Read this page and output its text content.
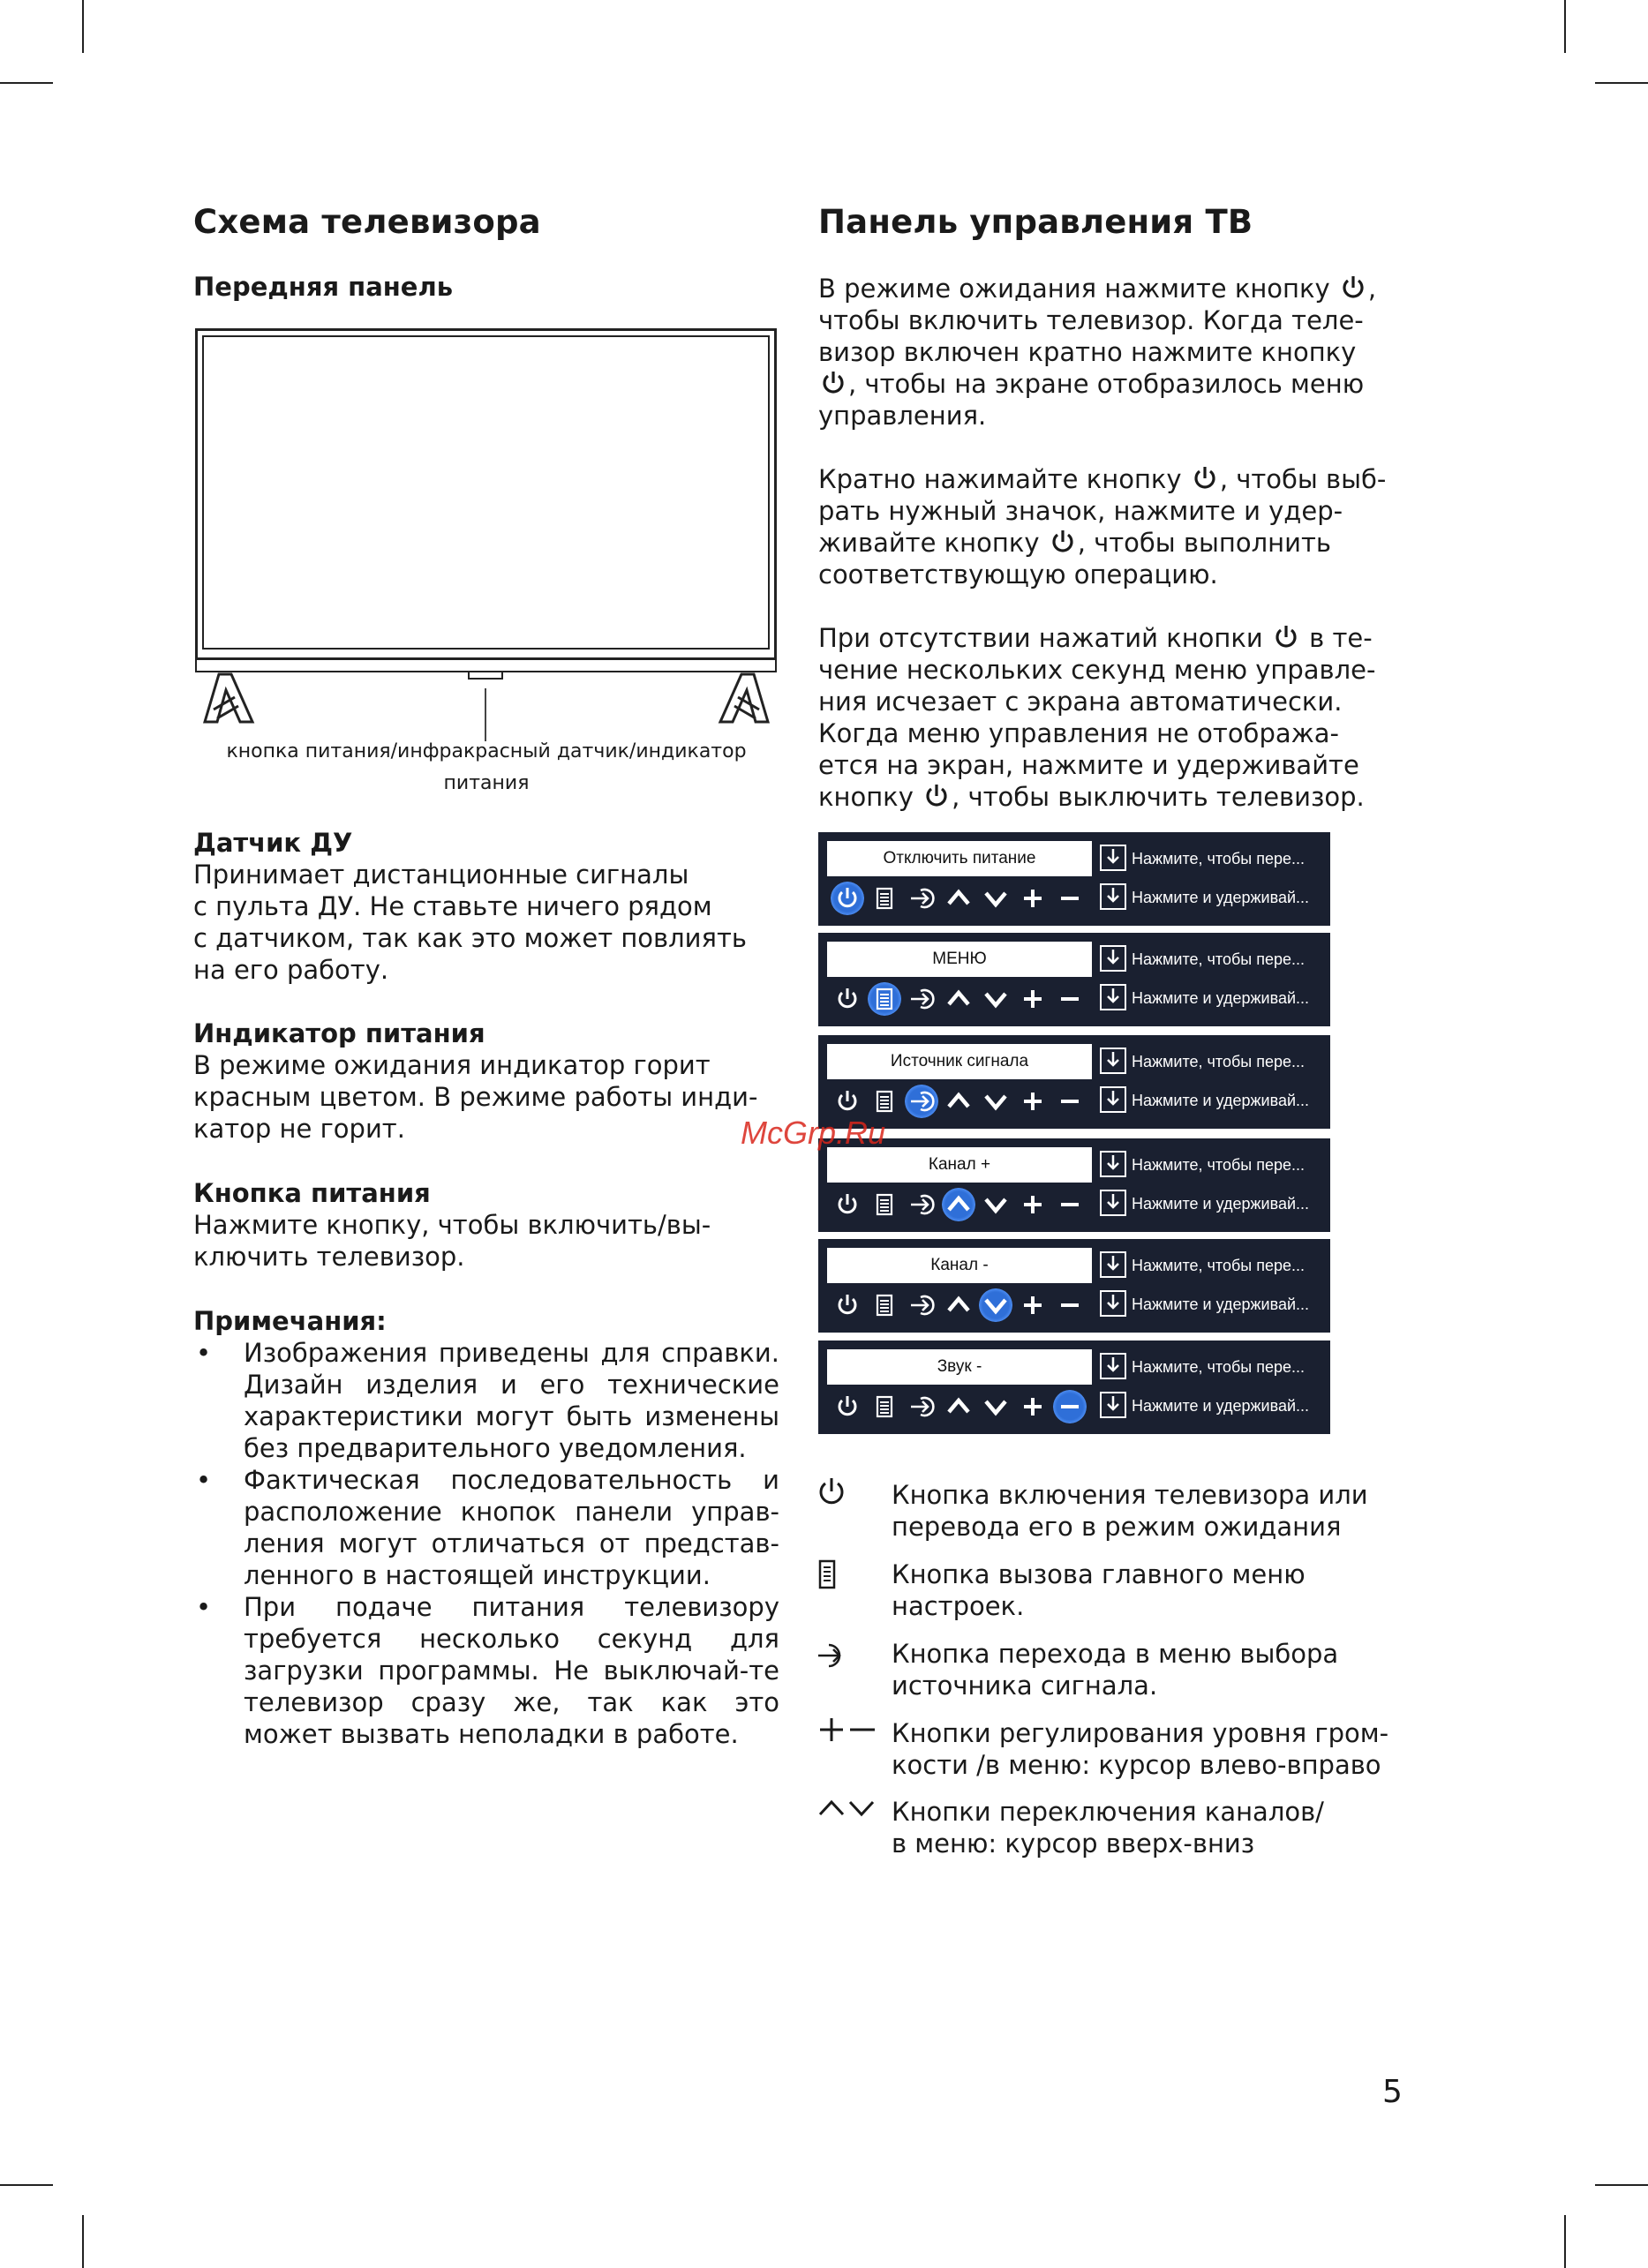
Схема телевизора
Передняя панель
кнопка питания/инфракрасный датчик/индикатор
питания
Датчик ДУ
Принимает дистанционные сигналы
с пульта ДУ. Не ставьте ничего рядом
с датчиком, так как это может повлиять
на его работу.
Индикатор питания
В режиме ожидания индикатор горит
красным цветом. В режиме работы инди-
катор не горит.
Кнопка питания
Нажмите кнопку, чтобы включить/вы-
ключить телевизор.
Примечания:
• Изображения приведены для справки. Дизайн изделия и его технические характеристики могут быть изменены без предварительного уведомления.
• Фактическая последовательность и расположение кнопок панели управ-ления могут отличаться от представ-ленного в настоящей инструкции.
• При подаче питания телевизору требуется несколько секунд для загрузки программы. Не выключай-те телевизор сразу же, так как это может вызвать неполадки в работе.
Панель управления ТВ
В режиме ожидания нажмите кнопку ,
чтобы включить телевизор. Когда теле-
визор включен кратно нажмите кнопку
, чтобы на экране отобразилось меню
управления.
Кратно нажимайте кнопку , чтобы выб-
рать нужный значок, нажмите и удер-
живайте кнопку , чтобы выполнить
соответствующую операцию.
При отсутствии нажатий кнопки  в те-
чение нескольких секунд меню управле-
ния исчезает с экрана автоматически.
Когда меню управления не отобража-
ется на экран, нажмите и удерживайте
кнопку , чтобы выключить телевизор.
Отключить питание	Нажмите, чтобы пере...
Нажмите и удерживай...
МЕНЮ	Нажмите, чтобы пере...
Нажмите и удерживай...
Источник сигнала	Нажмите, чтобы пере...
Нажмите и удерживай...
Канал +	Нажмите, чтобы пере...
Нажмите и удерживай...
Канал -	Нажмите, чтобы пере...
Нажмите и удерживай...
Звук -	Нажмите, чтобы пере...
Нажмите и удерживай...
McGrp.Ru
Кнопка включения телевизора или
перевода его в режим ожидания
Кнопка вызова главного меню
настроек.
Кнопка перехода в меню выбора
источника сигнала.
Кнопки регулирования уровня гром-
кости /в меню: курсор влево-вправо
Кнопки переключения каналов/
в меню: курсор вверх-вниз
5
